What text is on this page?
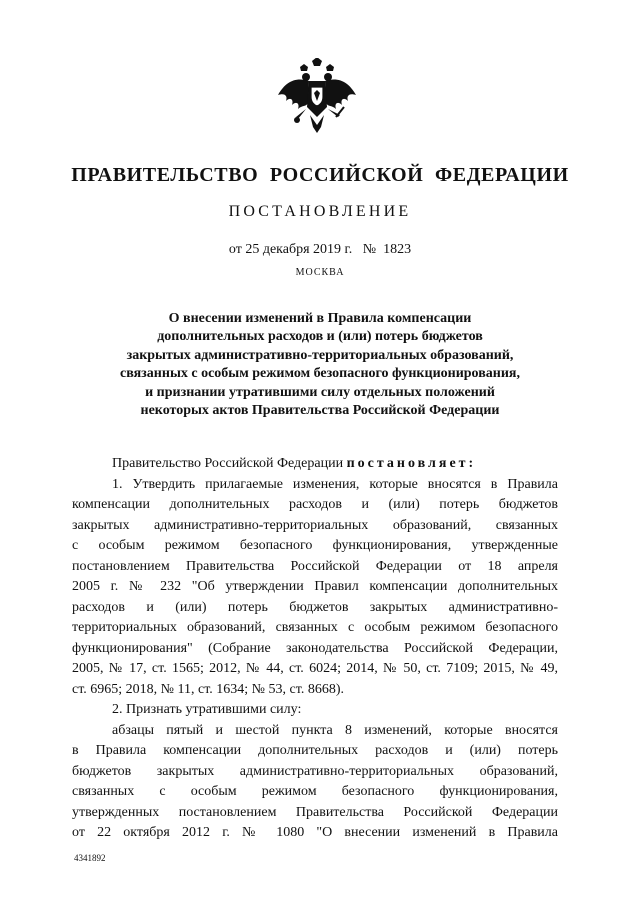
ПРАВИТЕЛЬСТВО РОССИЙСКОЙ ФЕДЕРАЦИИ
ПОСТАНОВЛЕНИЕ
от 25 декабря 2019 г. № 1823
МОСКВА
О внесении изменений в Правила компенсации
дополнительных расходов и (или) потерь бюджетов
закрытых административно-территориальных образований,
связанных с особым режимом безопасного функционирования,
и признании утратившими силу отдельных положений
некоторых актов Правительства Российской Федерации
Правительство Российской Федерации постановляет:
1. Утвердить прилагаемые изменения, которые вносятся в Правила
компенсации дополнительных расходов и (или) потерь бюджетов
закрытых административно-территориальных образований, связанных
с особым режимом безопасного функционирования, утвержденные
постановлением Правительства Российской Федерации от 18 апреля
2005 г. № 232 "Об утверждении Правил компенсации дополнительных
расходов и (или) потерь бюджетов закрытых административно-
территориальных образований, связанных с особым режимом безопасного
функционирования" (Собрание законодательства Российской Федерации,
2005, № 17, ст. 1565; 2012, № 44, ст. 6024; 2014, № 50, ст. 7109; 2015, № 49,
ст. 6965; 2018, № 11, ст. 1634; № 53, ст. 8668).
2. Признать утратившими силу:
абзацы пятый и шестой пункта 8 изменений, которые вносятся
в Правила компенсации дополнительных расходов и (или) потерь
бюджетов закрытых административно-территориальных образований,
связанных с особым режимом безопасного функционирования,
утвержденных постановлением Правительства Российской Федерации
от 22 октября 2012 г. № 1080 "О внесении изменений в Правила
4341892
